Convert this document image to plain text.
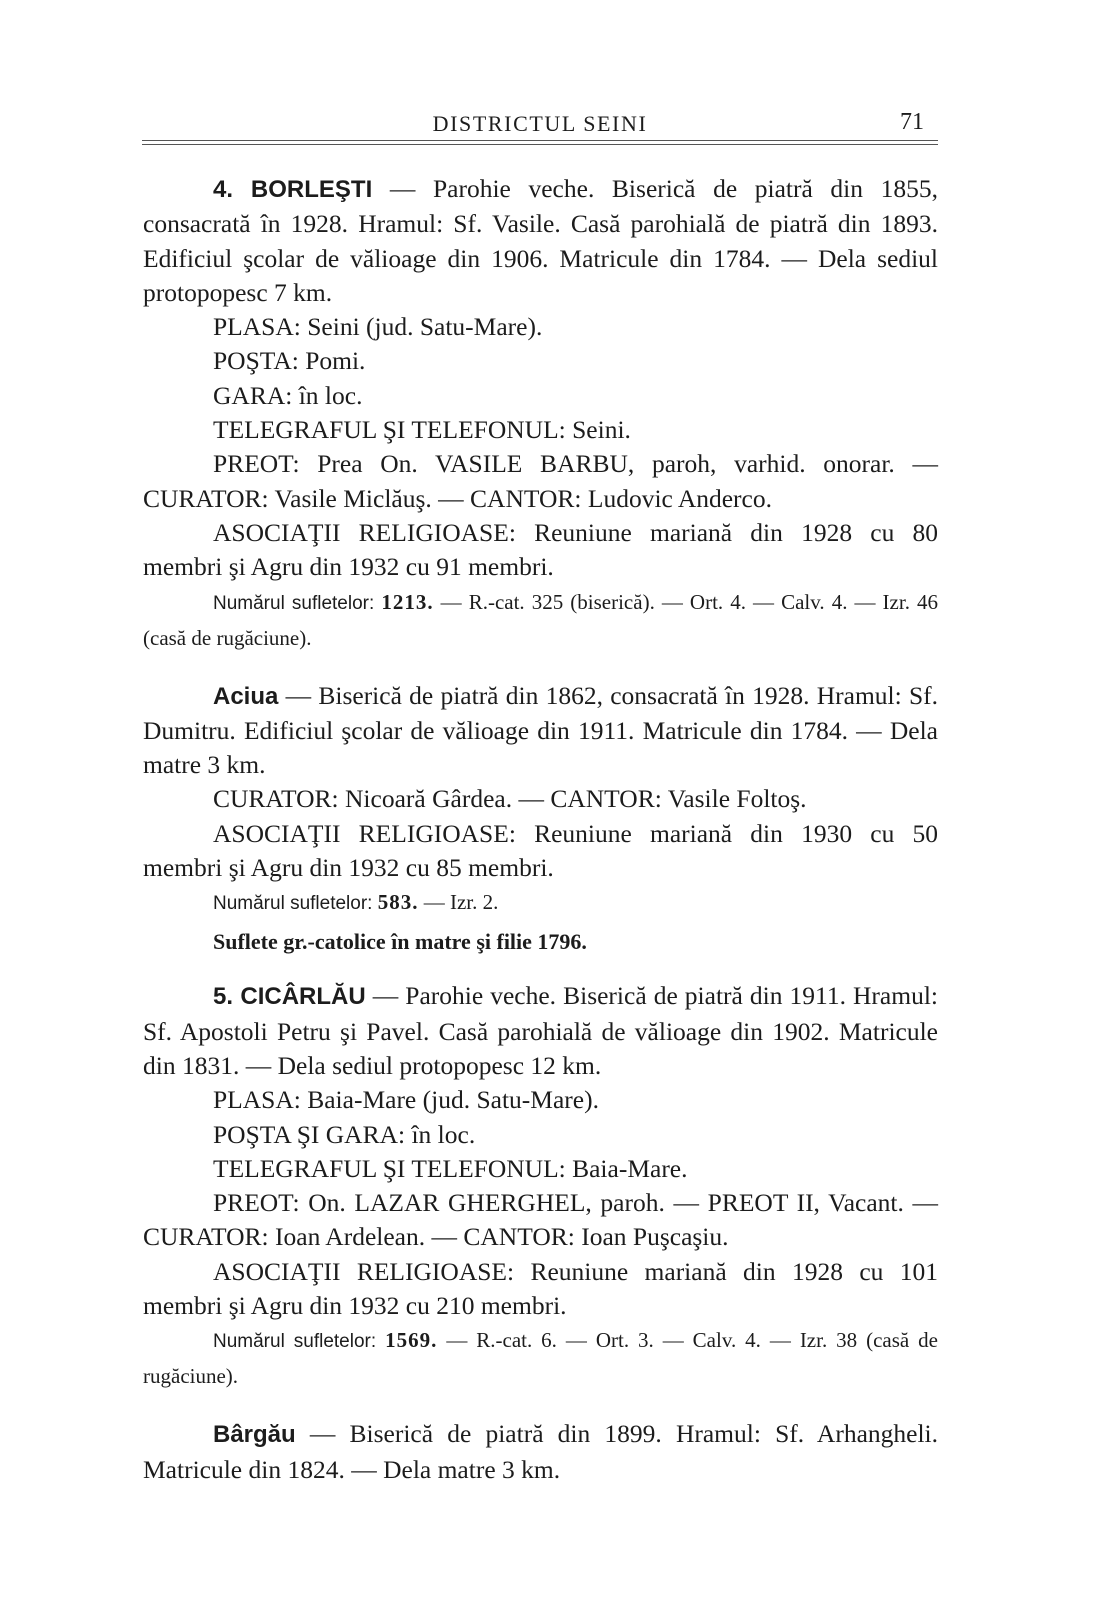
DISTRICTUL SEINI	71

4. BORLEŞTI — Parohie veche. Biserică de piatră din 1855, consacrată în 1928. Hramul: Sf. Vasile. Casă parohială de piatră din 1893. Edificiul şcolar de vălioage din 1906. Matricule din 1784. — Dela sediul protopopesc 7 km.

PLASA: Seini (jud. Satu-Mare).

POŞTA: Pomi.

GARA: în loc.

TELEGRAFUL ŞI TELEFONUL: Seini.

PREOT: Prea On. VASILE BARBU, paroh, varhid. onorar. — CURATOR: Vasile Miclăuş. — CANTOR: Ludovic Anderco.

ASOCIAŢII RELIGIOASE: Reuniune mariană din 1928 cu 80 membri şi Agru din 1932 cu 91 membri.

Numărul sufletelor: 1213. — R.-cat. 325 (biserică). — Ort. 4. — Calv. 4. — Izr. 46 (casă de rugăciune).

Aciua — Biserică de piatră din 1862, consacrată în 1928. Hramul: Sf. Dumitru. Edificiul şcolar de vălioage din 1911. Matricule din 1784. — Dela matre 3 km.

CURATOR: Nicoară Gârdea. — CANTOR: Vasile Foltoş.

ASOCIAŢII RELIGIOASE: Reuniune mariană din 1930 cu 50 membri şi Agru din 1932 cu 85 membri.

Numărul sufletelor: 583. — Izr. 2.

Suflete gr.-catolice în matre şi filie 1796.

5. CICÂRLĂU — Parohie veche. Biserică de piatră din 1911. Hramul: Sf. Apostoli Petru şi Pavel. Casă parohială de vălioage din 1902. Matricule din 1831. — Dela sediul protopopesc 12 km.

PLASA: Baia-Mare (jud. Satu-Mare).

POŞTA ŞI GARA: în loc.

TELEGRAFUL ŞI TELEFONUL: Baia-Mare.

PREOT: On. LAZAR GHERGHEL, paroh. — PREOT II, Vacant. — CURATOR: Ioan Ardelean. — CANTOR: Ioan Puşcaşiu.

ASOCIAŢII RELIGIOASE: Reuniune mariană din 1928 cu 101 membri şi Agru din 1932 cu 210 membri.

Numărul sufletelor: 1569. — R.-cat. 6. — Ort. 3. — Calv. 4. — Izr. 38 (casă de rugăciune).

Bârgău — Biserică de piatră din 1899. Hramul: Sf. Arhangheli. Matricule din 1824. — Dela matre 3 km.
